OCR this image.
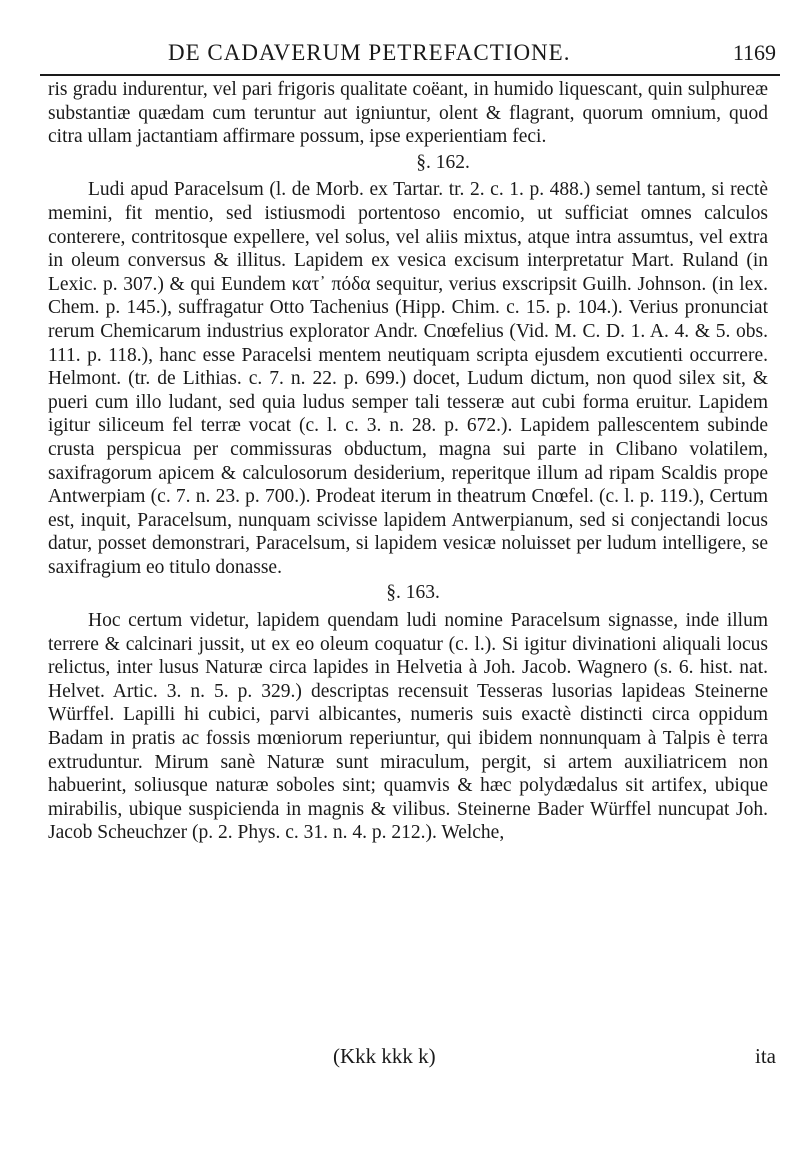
DE CADAVERUM PETREFACTIONE.	1169

ris gradu indurentur, vel pari frigoris qualitate coëant, in humido liquescant, quin sulphureæ substantiæ quædam cum teruntur aut igniuntur, olent & flagrant, quorum omnium, quod citra ullam jactantiam affirmare possum, ipse experientiam feci.

§. 162.

Ludi apud Paracelsum (l. de Morb. ex Tartar. tr. 2. c. 1. p. 488.) semel tantum, si rectè memini, fit mentio, sed istiusmodi portentoso encomio, ut sufficiat omnes calculos conterere, contritosque expellere, vel solus, vel aliis mixtus, atque intra assumtus, vel extra in oleum conversus & illitus. Lapidem ex vesica excisum interpretatur Mart. Ruland (in Lexic. p. 307.) & qui Eundem κατ᾽ πόδα sequitur, verius exscripsit Guilh. Johnson. (in lex. Chem. p. 145.), suffragatur Otto Tachenius (Hipp. Chim. c. 15. p. 104.). Verius pronunciat rerum Chemicarum industrius explorator Andr. Cnœfelius (Vid. M. C. D. 1. A. 4. & 5. obs. 111. p. 118.), hanc esse Paracelsi mentem neutiquam scripta ejusdem excutienti occurrere. Helmont. (tr. de Lithias. c. 7. n. 22. p. 699.) docet, Ludum dictum, non quod silex sit, & pueri cum illo ludant, sed quia ludus semper tali tesseræ aut cubi forma eruitur. Lapidem igitur siliceum fel terræ vocat (c. l. c. 3. n. 28. p. 672.). Lapidem pallescentem subinde crusta perspicua per commissuras obductum, magna sui parte in Clibano volatilem, saxifragorum apicem & calculosorum desiderium, reperitque illum ad ripam Scaldis prope Antwerpiam (c. 7. n. 23. p. 700.). Prodeat iterum in theatrum Cnœfel. (c. l. p. 119.), Certum est, inquit, Paracelsum, nunquam scivisse lapidem Antwerpianum, sed si conjectandi locus datur, posset demonstrari, Paracelsum, si lapidem vesicæ noluisset per ludum intelligere, se saxifragium eo titulo donasse.

§. 163.

Hoc certum videtur, lapidem quendam ludi nomine Paracelsum signasse, inde illum terrere & calcinari jussit, ut ex eo oleum coquatur (c. l.). Si igitur divinationi aliquali locus relictus, inter lusus Naturæ circa lapides in Helvetia à Joh. Jacob. Wagnero (s. 6. hist. nat. Helvet. Artic. 3. n. 5. p. 329.) descriptas recensuit Tesseras lusorias lapideas Steinerne Würffel. Lapilli hi cubici, parvi albicantes, numeris suis exactè distincti circa oppidum Badam in pratis ac fossis mœniorum reperiuntur, qui ibidem nonnunquam à Talpis è terra extruduntur. Mirum sanè Naturæ sunt miraculum, pergit, si artem auxiliatricem non habuerint, soliusque naturæ soboles sint; quamvis & hæc polydædalus sit artifex, ubique mirabilis, ubique suspicienda in magnis & vilibus. Steinerne Bader Würffel nuncupat Joh. Jacob Scheuchzer (p. 2. Phys. c. 31. n. 4. p. 212.). Welche,

(Kkk kkk k)	ita
